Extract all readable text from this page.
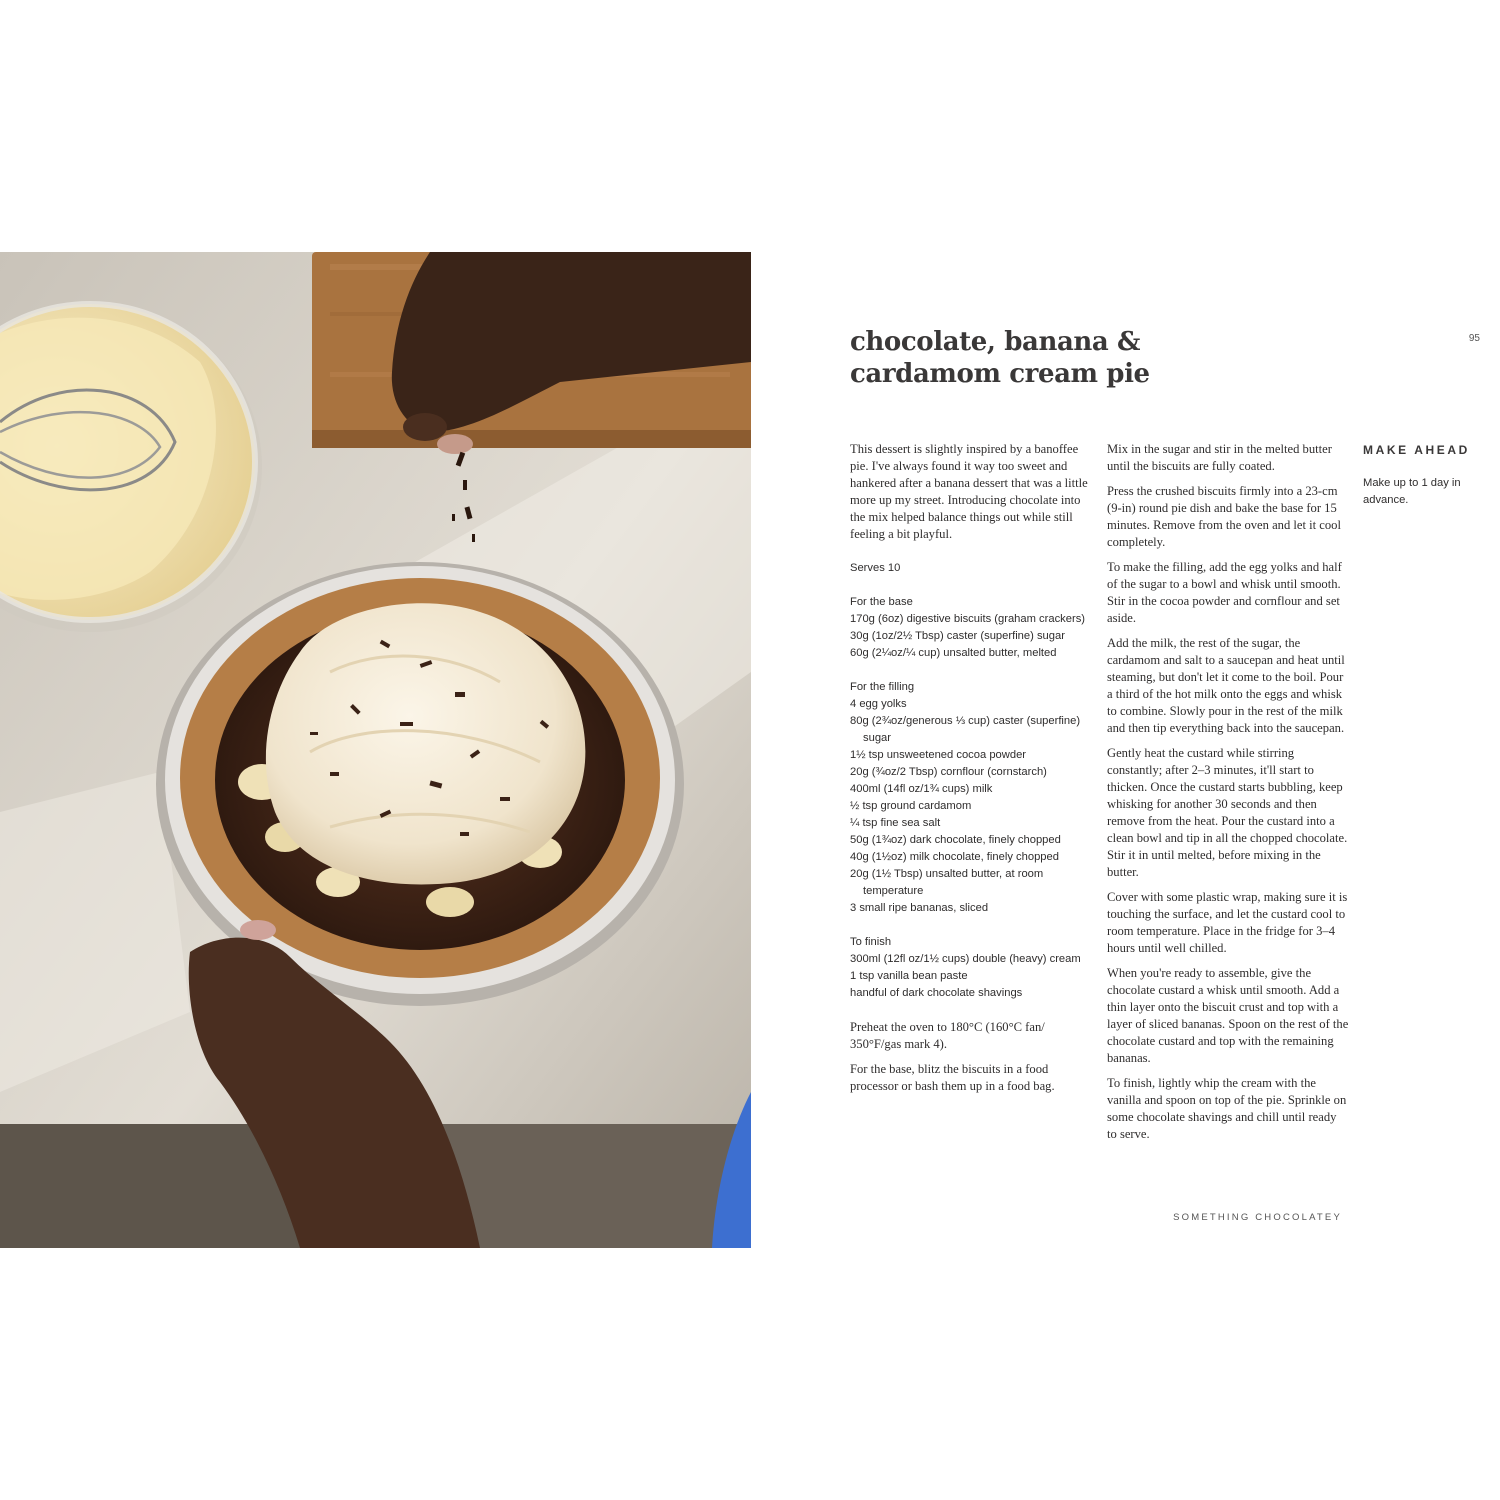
chocolate, banana &
cardamom cream pie
95

This dessert is slightly inspired by a banoffee pie. I've always found it way too sweet and hankered after a banana dessert that was a little more up my street. Introducing chocolate into the mix helped balance things out while still feeling a bit playful.

Serves 10
For the base
170g (6oz) digestive biscuits (graham crackers)
30g (1oz/2½ Tbsp) caster (superfine) sugar
60g (2¼oz/¼ cup) unsalted butter, melted
For the filling
4 egg yolks
80g (2¾oz/generous ⅓ cup) caster (superfine) sugar
1½ tsp unsweetened cocoa powder
20g (¾oz/2 Tbsp) cornflour (cornstarch)
400ml (14fl oz/1¾ cups) milk
½ tsp ground cardamom
¼ tsp fine sea salt
50g (1¾oz) dark chocolate, finely chopped
40g (1½oz) milk chocolate, finely chopped
20g (1½ Tbsp) unsalted butter, at room temperature
3 small ripe bananas, sliced
To finish
300ml (12fl oz/1½ cups) double (heavy) cream
1 tsp vanilla bean paste
handful of dark chocolate shavings

Preheat the oven to 180°C (160°C fan/ 350°F/gas mark 4).

For the base, blitz the biscuits in a food processor or bash them up in a food bag.

Mix in the sugar and stir in the melted butter until the biscuits are fully coated.

Press the crushed biscuits firmly into a 23-cm (9-in) round pie dish and bake the base for 15 minutes. Remove from the oven and let it cool completely.

To make the filling, add the egg yolks and half of the sugar to a bowl and whisk until smooth. Stir in the cocoa powder and cornflour and set aside.

Add the milk, the rest of the sugar, the cardamom and salt to a saucepan and heat until steaming, but don't let it come to the boil. Pour a third of the hot milk onto the eggs and whisk to combine. Slowly pour in the rest of the milk and then tip everything back into the saucepan.

Gently heat the custard while stirring constantly; after 2–3 minutes, it'll start to thicken. Once the custard starts bubbling, keep whisking for another 30 seconds and then remove from the heat. Pour the custard into a clean bowl and tip in all the chopped chocolate. Stir it in until melted, before mixing in the butter.

Cover with some plastic wrap, making sure it is touching the surface, and let the custard cool to room temperature. Place in the fridge for 3–4 hours until well chilled.

When you're ready to assemble, give the chocolate custard a whisk until smooth. Add a thin layer onto the biscuit crust and top with a layer of sliced bananas. Spoon on the rest of the chocolate custard and top with the remaining bananas.

To finish, lightly whip the cream with the vanilla and spoon on top of the pie. Sprinkle on some chocolate shavings and chill until ready to serve.

MAKE AHEAD

Make up to 1 day in advance.

SOMETHING CHOCOLATEY
